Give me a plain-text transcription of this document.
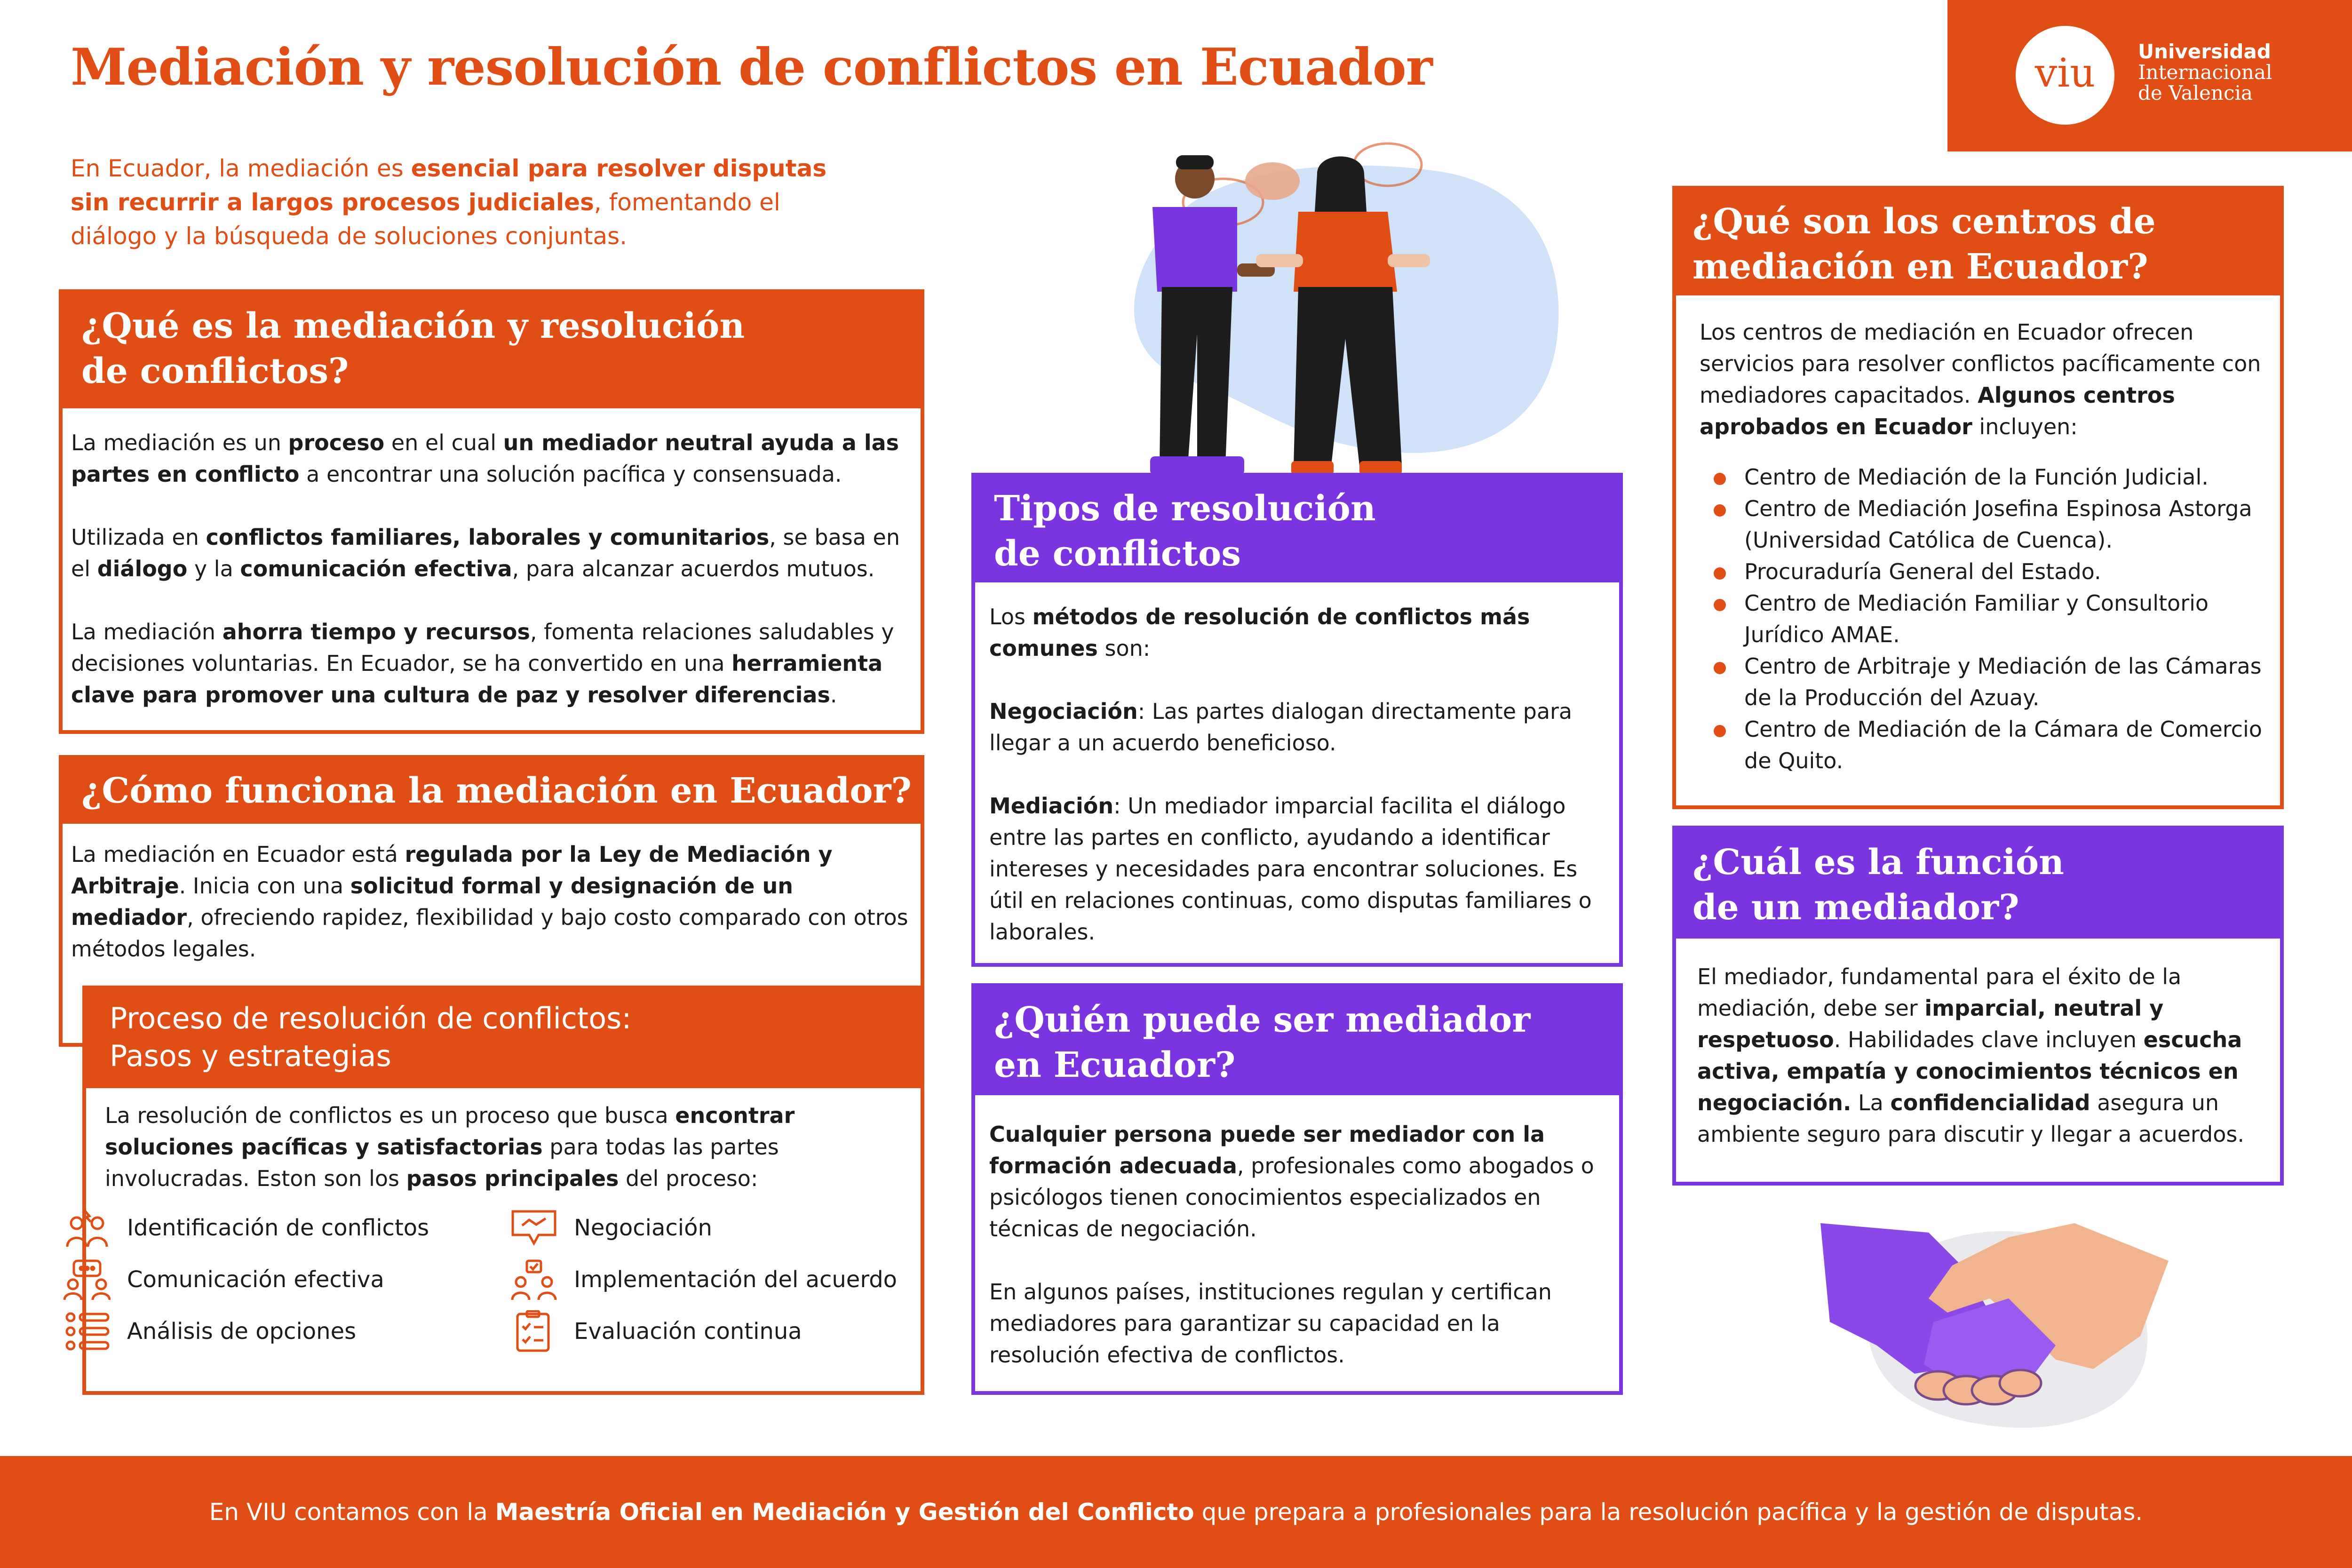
Mediación y resolución de conflictos en Ecuador	viu	Universidad
Internacional
de Valencia
En Ecuador, la mediación es esencial para resolver disputas sin recurrir a largos procesos judiciales, fomentando el diálogo y la búsqueda de soluciones conjuntas.
¿Qué es la mediación y resolución
de conflictos?

La mediación es un proceso en el cual un mediador neutral ayuda a las partes en conflicto a encontrar una solución pacífica y consensuada.

Utilizada en conflictos familiares, laborales y comunitarios, se basa en el diálogo y la comunicación efectiva, para alcanzar acuerdos mutuos.

La mediación ahorra tiempo y recursos, fomenta relaciones saludables y decisiones voluntarias. En Ecuador, se ha convertido en una herramienta clave para promover una cultura de paz y resolver diferencias.

¿Cómo funciona la mediación en Ecuador?

La mediación en Ecuador está regulada por la Ley de Mediación y Arbitraje. Inicia con una solicitud formal y designación de un mediador, ofreciendo rapidez, flexibilidad y bajo costo comparado con otros métodos legales.

Proceso de resolución de conflictos:
Pasos y estrategias

La resolución de conflictos es un proceso que busca encontrar soluciones pacíficas y satisfactorias para todas las partes involucradas. Eston son los pasos principales del proceso:

Identificación de conflictos
Comunicación efectiva
Análisis de opciones
Negociación
Implementación del acuerdo
Evaluación continua
Tipos de resolución
de conflictos

Los métodos de resolución de conflictos más comunes son:

Negociación: Las partes dialogan directamente para llegar a un acuerdo beneficioso.

Mediación: Un mediador imparcial facilita el diálogo entre las partes en conflicto, ayudando a identificar intereses y necesidades para encontrar soluciones. Es útil en relaciones continuas, como disputas familiares o laborales.

¿Quién puede ser mediador
en Ecuador?

Cualquier persona puede ser mediador con la formación adecuada, profesionales como abogados o psicólogos tienen conocimientos especializados en técnicas de negociación.

En algunos países, instituciones regulan y certifican mediadores para garantizar su capacidad en la resolución efectiva de conflictos.

¿Qué son los centros de
mediación en Ecuador?

Los centros de mediación en Ecuador ofrecen servicios para resolver conflictos pacíficamente con mediadores capacitados. Algunos centros aprobados en Ecuador incluyen:

Centro de Mediación de la Función Judicial.
Centro de Mediación Josefina Espinosa Astorga (Universidad Católica de Cuenca).
Procuraduría General del Estado.
Centro de Mediación Familiar y Consultorio Jurídico AMAE.
Centro de Arbitraje y Mediación de las Cámaras de la Producción del Azuay.
Centro de Mediación de la Cámara de Comercio de Quito.
¿Cuál es la función
de un mediador?

El mediador, fundamental para el éxito de la mediación, debe ser imparcial, neutral y respetuoso. Habilidades clave incluyen escucha activa, empatía y conocimientos técnicos en negociación. La confidencialidad asegura un ambiente seguro para discutir y llegar a acuerdos.

En VIU contamos con la Maestría Oficial en Mediación y Gestión del Conflicto que prepara a profesionales para la resolución pacífica y la gestión de disputas.
